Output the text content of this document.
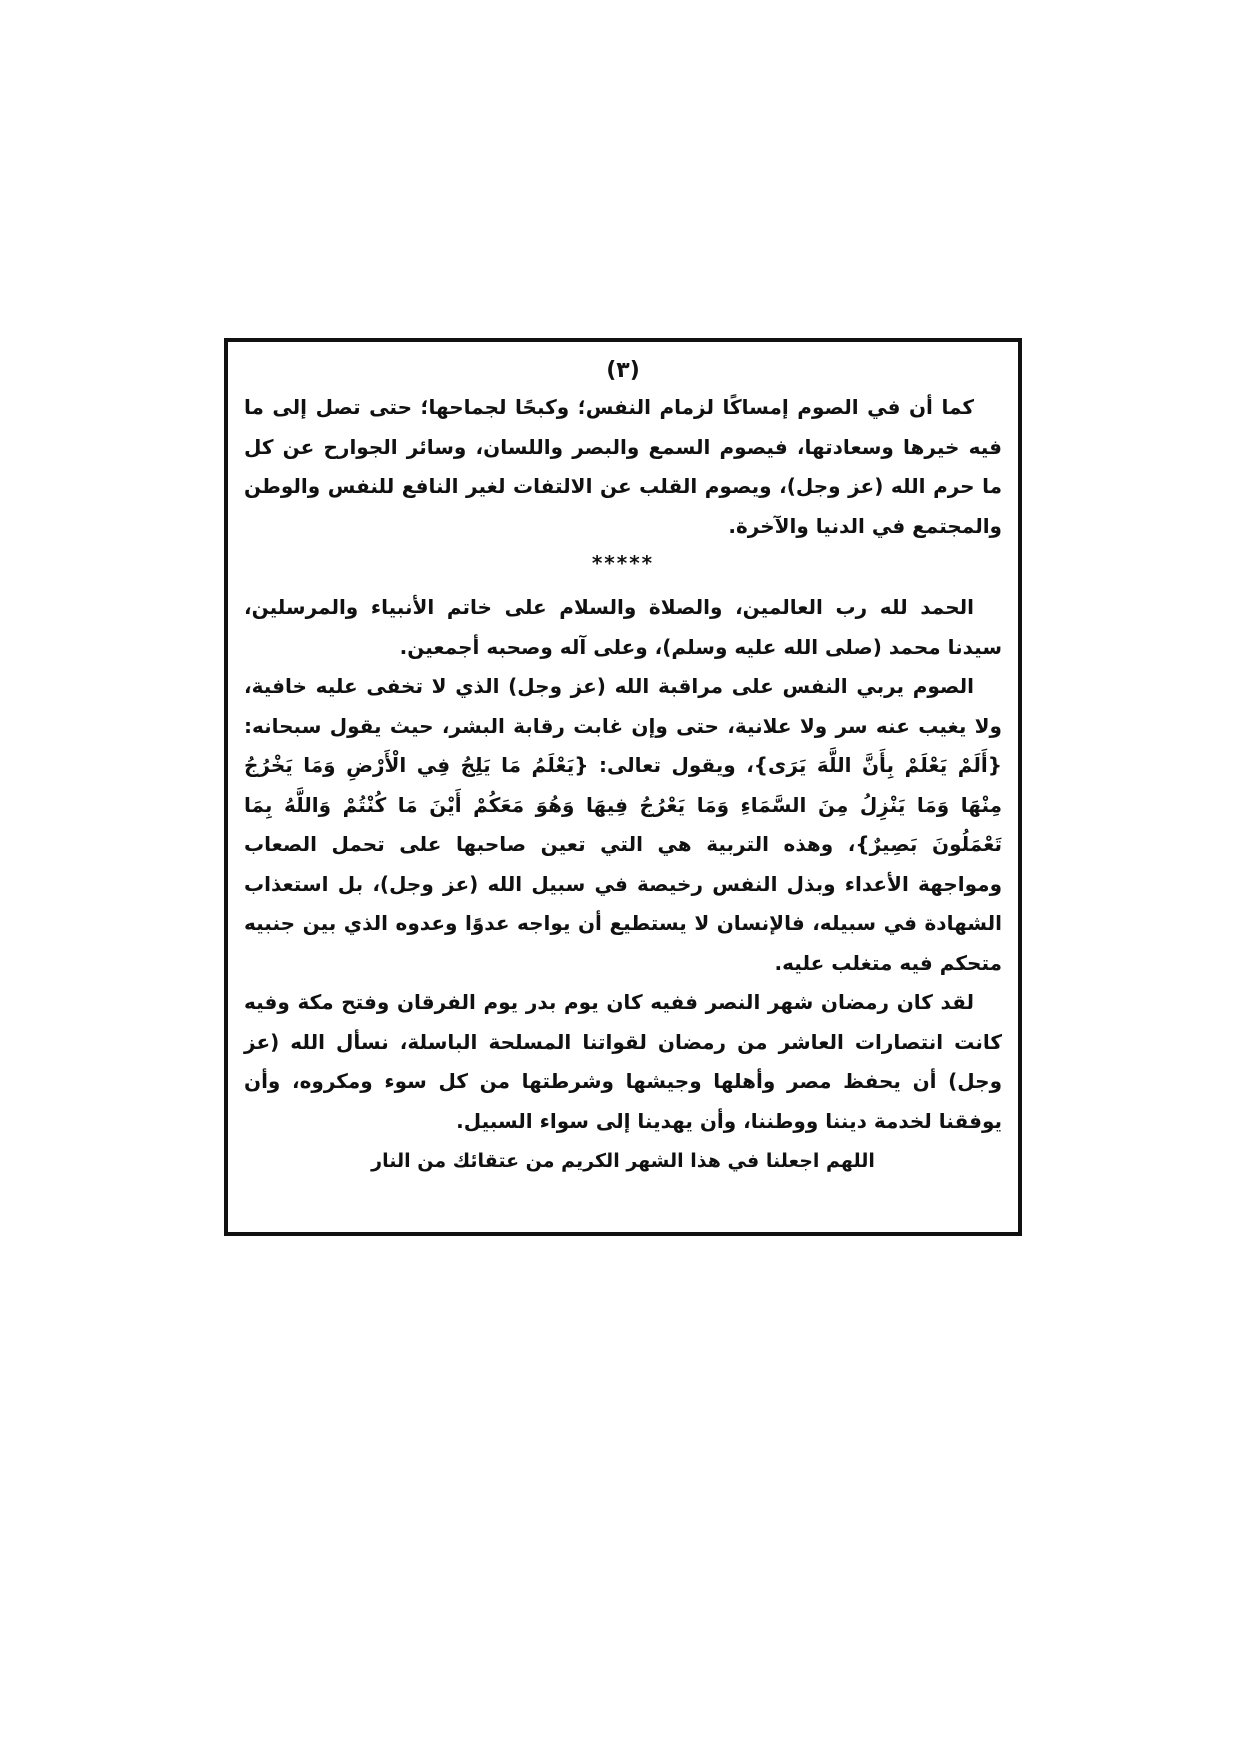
(٣)

كما أن في الصوم إمساكًا لزمام النفس؛ وكبحًا لجماحها؛ حتى تصل إلى ما فيه خيرها وسعادتها، فيصوم السمع والبصر واللسان، وسائر الجوارح عن كل ما حرم الله (عز وجل)، ويصوم القلب عن الالتفات لغير النافع للنفس والوطن والمجتمع في الدنيا والآخرة.

*****

الحمد لله رب العالمين، والصلاة والسلام على خاتم الأنبياء والمرسلين، سيدنا محمد (صلى الله عليه وسلم)، وعلى آله وصحبه أجمعين.

الصوم يربي النفس على مراقبة الله (عز وجل) الذي لا تخفى عليه خافية، ولا يغيب عنه سر ولا علانية، حتى وإن غابت رقابة البشر، حيث يقول سبحانه: {أَلَمْ يَعْلَمْ بِأَنَّ اللَّهَ يَرَى}، ويقول تعالى: {يَعْلَمُ مَا يَلِجُ فِي الْأَرْضِ وَمَا يَخْرُجُ مِنْهَا وَمَا يَنْزِلُ مِنَ السَّمَاءِ وَمَا يَعْرُجُ فِيهَا وَهُوَ مَعَكُمْ أَيْنَ مَا كُنْتُمْ وَاللَّهُ بِمَا تَعْمَلُونَ بَصِيرٌ}، وهذه التربية هي التي تعين صاحبها على تحمل الصعاب ومواجهة الأعداء وبذل النفس رخيصة في سبيل الله (عز وجل)، بل استعذاب الشهادة في سبيله، فالإنسان لا يستطيع أن يواجه عدوًا وعدوه الذي بين جنبيه متحكم فيه متغلب عليه.

لقد كان رمضان شهر النصر ففيه كان يوم بدر يوم الفرقان وفتح مكة وفيه كانت انتصارات العاشر من رمضان لقواتنا المسلحة الباسلة، نسأل الله (عز وجل) أن يحفظ مصر وأهلها وجيشها وشرطتها من كل سوء ومكروه، وأن يوفقنا لخدمة ديننا ووطننا، وأن يهدينا إلى سواء السبيل.

اللهم اجعلنا في هذا الشهر الكريم من عتقائك من النار
